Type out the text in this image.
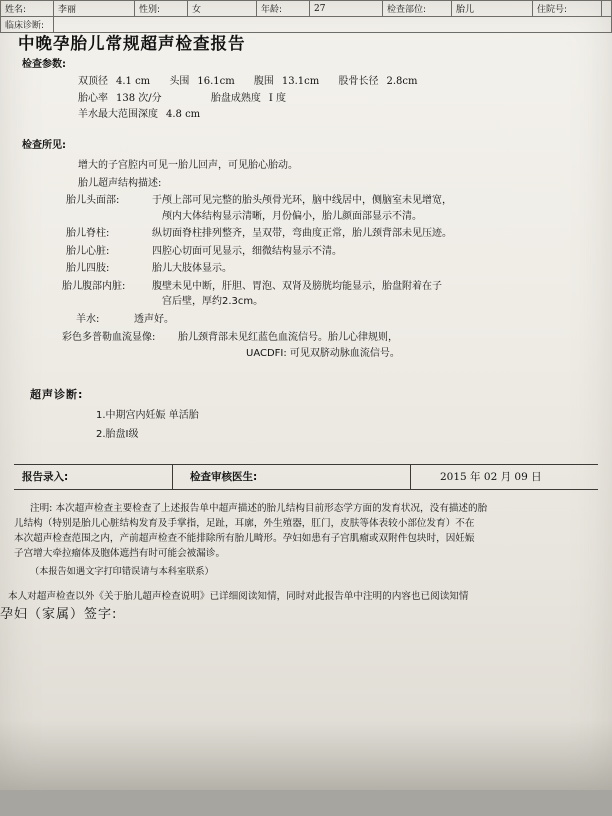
姓名:	李丽	性别:	女	年龄:	27	检查部位:	胎儿	住院号:	
临床诊断:									
中晚孕胎儿常规超声检查报告
检查参数:
双顶径 4.1 cm 头围 16.1cm 腹围 13.1cm 股骨长径 2.8cm
胎心率 138 次/分	胎盘成熟度 Ⅰ 度
羊水最大范围深度 4.8 cm
检查所见:
增大的子宫腔内可见一胎儿回声，可见胎心胎动。
胎儿超声结构描述:
胎儿头面部:	于颅上部可见完整的胎头颅骨光环，脑中线居中，侧脑室未见增宽，
颅内大体结构显示清晰，月份偏小，胎儿颜面部显示不清。
胎儿脊柱:	纵切面脊柱排列整齐，呈双带，弯曲度正常，胎儿颈背部未见压迹。
胎儿心脏:	四腔心切面可见显示，细微结构显示不清。
胎儿四肢:	胎儿大肢体显示。
胎儿腹部内脏:	腹壁未见中断，肝胆、胃泡、双肾及膀胱均能显示，胎盘附着在子
宫后壁，厚约2.3cm。
羊水:	透声好。
彩色多普勒血流显像:	胎儿颈背部未见红蓝色血流信号。胎儿心律规则，
UACDFI: 可见双脐动脉血流信号。
超声诊断:
1.中期宫内妊娠 单活胎
2.胎盘Ⅰ级
报告录入:	检查审核医生:	2015 年 02 月 09 日

注明: 本次超声检查主要检查了上述报告单中超声描述的胎儿结构目前形态学方面的发育状况，没有描述的胎

儿结构（特别是胎儿心脏结构发育及手掌指，足趾，耳廓，外生殖器，肛门，皮肤等体表较小部位发育）不在

本次超声检查范围之内，产前超声检查不能排除所有胎儿畸形。孕妇如患有子宫肌瘤或双附件包块时，因妊娠

子宫增大牵拉瘤体及胞体遮挡有时可能会被漏诊。

（本报告如遇文字打印错误请与本科室联系）

本人对超声检查以外《关于胎儿超声检查说明》已详细阅读知情，同时对此报告单中注明的内容也已阅读知情

孕妇（家属）签字:
